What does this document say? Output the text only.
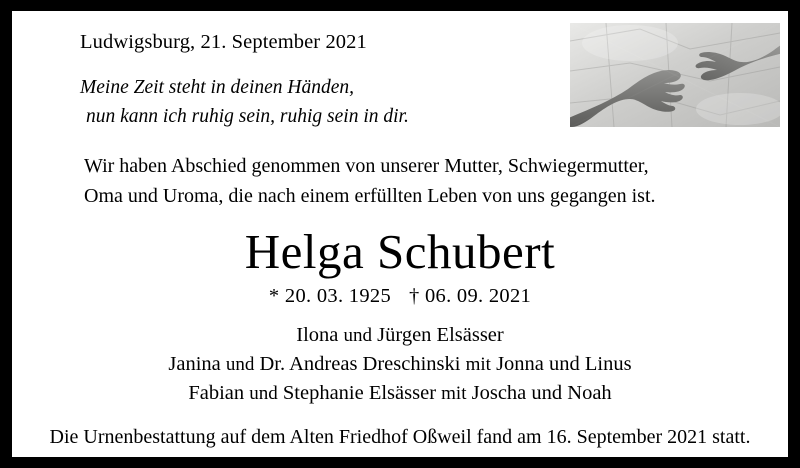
Ludwigsburg, 21. September 2021
Meine Zeit steht in deinen Händen,
nun kann ich ruhig sein, ruhig sein in dir.
Wir haben Abschied genommen von unserer Mutter, Schwiegermutter,
Oma und Uroma, die nach einem erfüllten Leben von uns gegangen ist.
Helga Schubert
* 20. 03. 1925 † 06. 09. 2021
Ilona und Jürgen Elsässer
Janina und Dr. Andreas Dreschinski mit Jonna und Linus
Fabian und Stephanie Elsässer mit Joscha und Noah
Die Urnenbestattung auf dem Alten Friedhof Oßweil fand am 16. September 2021 statt.
